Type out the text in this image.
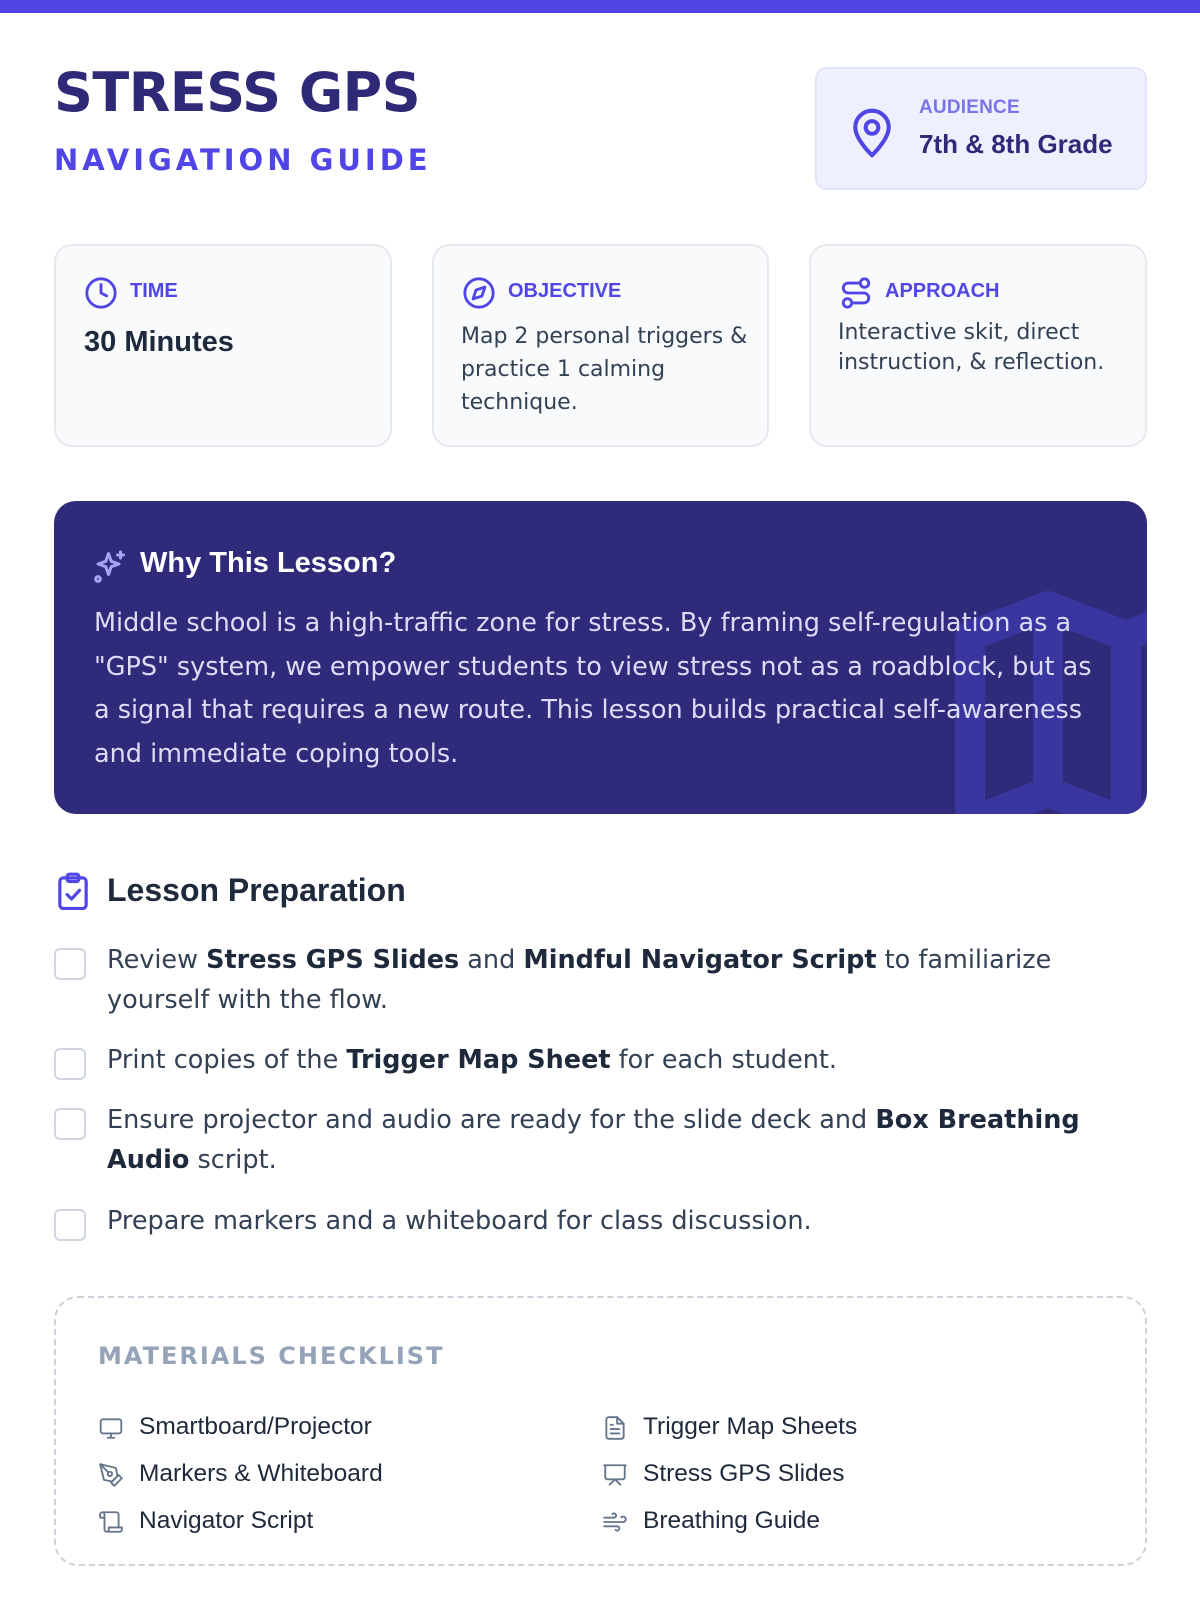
STRESS GPS
NAVIGATION GUIDE
AUDIENCE
7th & 8th Grade
TIME
30 Minutes
OBJECTIVE
Map 2 personal triggers & practice 1 calming technique.
APPROACH
Interactive skit, direct instruction, & reflection.
Why This Lesson?
Middle school is a high-traffic zone for stress. By framing self-regulation as a "GPS" system, we empower students to view stress not as a roadblock, but as a signal that requires a new route. This lesson builds practical self-awareness and immediate coping tools.
Lesson Preparation
Review Stress GPS Slides and Mindful Navigator Script to familiarize yourself with the flow.
Print copies of the Trigger Map Sheet for each student.
Ensure projector and audio are ready for the slide deck and Box Breathing Audio script.
Prepare markers and a whiteboard for class discussion.
MATERIALS CHECKLIST
Smartboard/Projector	Trigger Map Sheets
Markers & Whiteboard	Stress GPS Slides
Navigator Script	Breathing Guide
